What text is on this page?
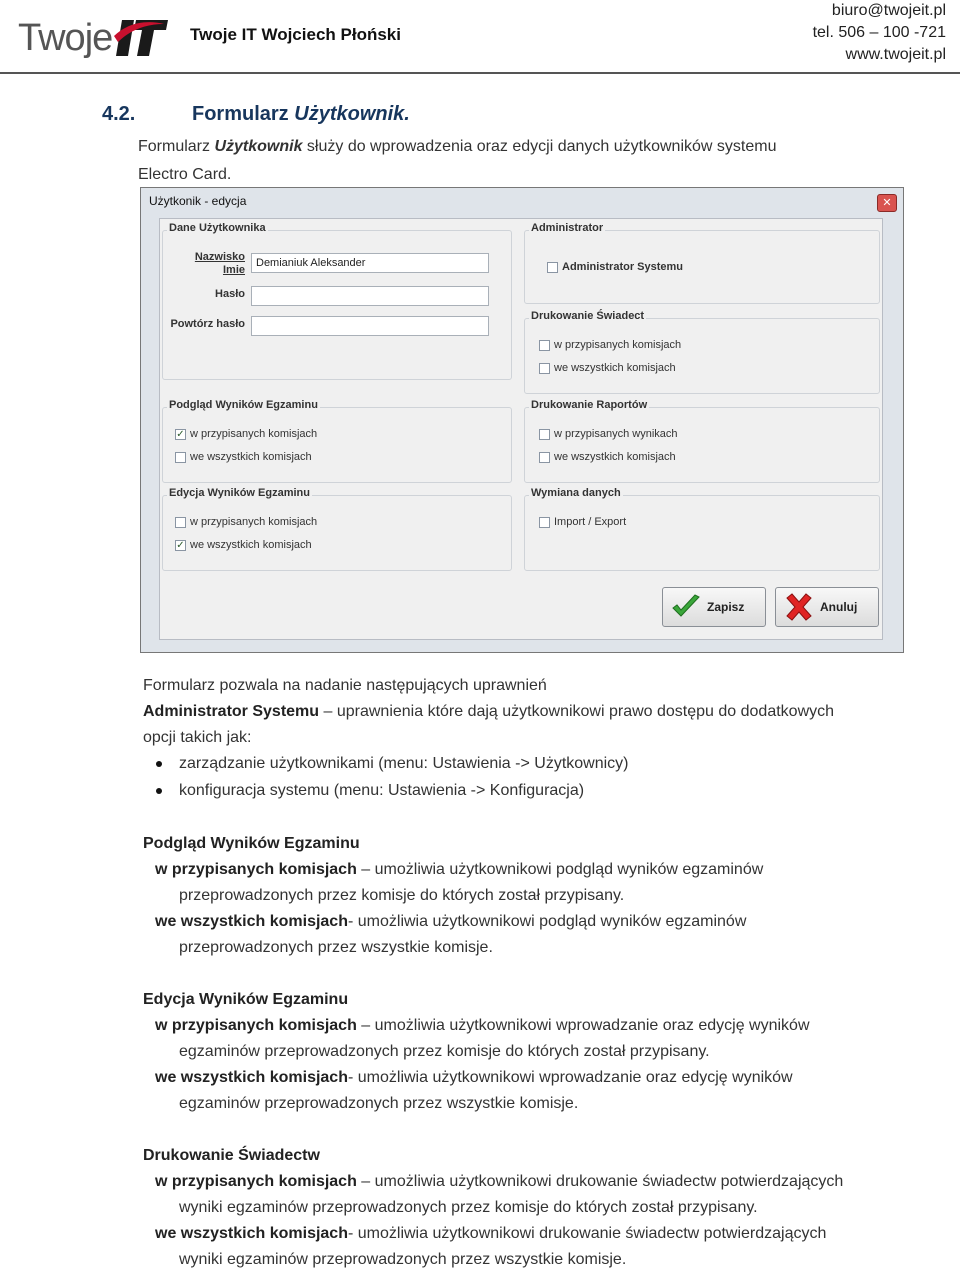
Twoje	Twoje IT Wojciech Płoński
biuro@twojeit.pl
tel. 506 – 100 -721
www.twojeit.pl
4.2.	Formularz Użytkownik.
Formularz Użytkownik służy do wprowadzenia oraz edycji danych użytkowników systemu
Electro Card.
Użytkonik - edycja	✕
Dane Użytkownika
Nazwisko
Imie
Demianiuk Aleksander
Hasło
Powtórz hasło
Administrator
Administrator Systemu
Drukowanie Świadect
w przypisanych komisjach
we wszystkich komisjach
Podgląd Wyników Egzaminu
✓ w przypisanych komisjach
we wszystkich komisjach
Drukowanie Raportów
w przypisanych wynikach
we wszystkich komisjach
Edycja Wyników Egzaminu
w przypisanych komisjach
✓ we wszystkich komisjach
Wymiana danych
Import / Export
Zapisz	Anuluj
Formularz pozwala na nadanie następujących uprawnień
Administrator Systemu – uprawnienia które dają użytkownikowi prawo dostępu do dodatkowych
opcji takich jak:
zarządzanie użytkownikami (menu: Ustawienia -> Użytkownicy)
konfiguracja systemu (menu: Ustawienia -> Konfiguracja)
Podgląd Wyników Egzaminu
w przypisanych komisjach – umożliwia użytkownikowi podgląd wyników egzaminów
przeprowadzonych przez komisje do których został przypisany.
we wszystkich komisjach- umożliwia użytkownikowi podgląd wyników egzaminów
przeprowadzonych przez wszystkie komisje.
Edycja Wyników Egzaminu
w przypisanych komisjach – umożliwia użytkownikowi wprowadzanie oraz edycję wyników
egzaminów przeprowadzonych przez komisje do których został przypisany.
we wszystkich komisjach- umożliwia użytkownikowi wprowadzanie oraz edycję wyników
egzaminów przeprowadzonych przez wszystkie komisje.
Drukowanie Świadectw
w przypisanych komisjach – umożliwia użytkownikowi drukowanie świadectw potwierdzających
wyniki egzaminów przeprowadzonych przez komisje do których został przypisany.
we wszystkich komisjach- umożliwia użytkownikowi drukowanie świadectw potwierdzających
wyniki egzaminów przeprowadzonych przez wszystkie komisje.
